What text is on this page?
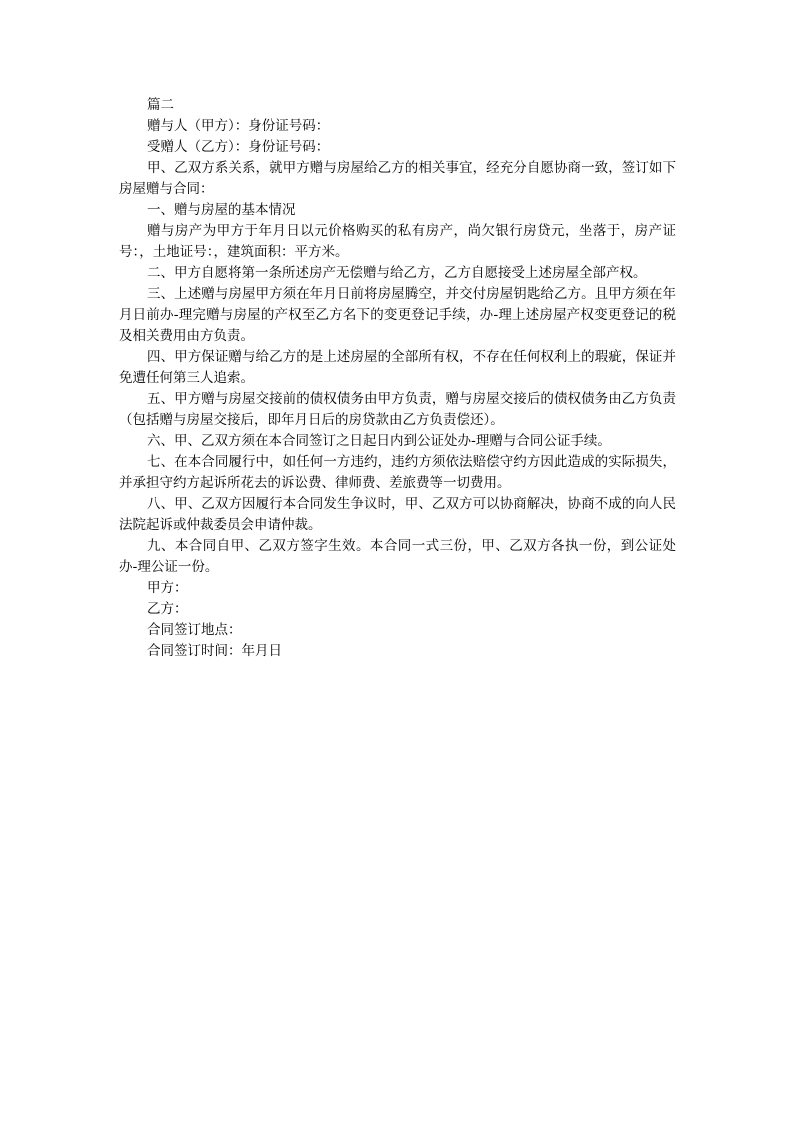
篇二

赠与人（甲方）：身份证号码：

受赠人（乙方）：身份证号码：

甲、乙双方系关系，就甲方赠与房屋给乙方的相关事宜，经充分自愿协商一致，签订如下房屋赠与合同：

一、赠与房屋的基本情况

赠与房产为甲方于年月日以元价格购买的私有房产，尚欠银行房贷元，坐落于，房产证号：，土地证号：，建筑面积：平方米。

二、甲方自愿将第一条所述房产无偿赠与给乙方，乙方自愿接受上述房屋全部产权。

三、上述赠与房屋甲方须在年月日前将房屋腾空，并交付房屋钥匙给乙方。且甲方须在年月日前办-理完赠与房屋的产权至乙方名下的变更登记手续，办-理上述房屋产权变更登记的税及相关费用由方负责。

四、甲方保证赠与给乙方的是上述房屋的全部所有权，不存在任何权利上的瑕疵，保证并免遭任何第三人追索。

五、甲方赠与房屋交接前的债权债务由甲方负责，赠与房屋交接后的债权债务由乙方负责（包括赠与房屋交接后，即年月日后的房贷款由乙方负责偿还）。

六、甲、乙双方须在本合同签订之日起日内到公证处办-理赠与合同公证手续。

七、在本合同履行中，如任何一方违约，违约方须依法赔偿守约方因此造成的实际损失，并承担守约方起诉所花去的诉讼费、律师费、差旅费等一切费用。

八、甲、乙双方因履行本合同发生争议时，甲、乙双方可以协商解决，协商不成的向人民法院起诉或仲裁委员会申请仲裁。

九、本合同自甲、乙双方签字生效。本合同一式三份，甲、乙双方各执一份，到公证处办-理公证一份。

甲方：

乙方：

合同签订地点：

合同签订时间：年月日
